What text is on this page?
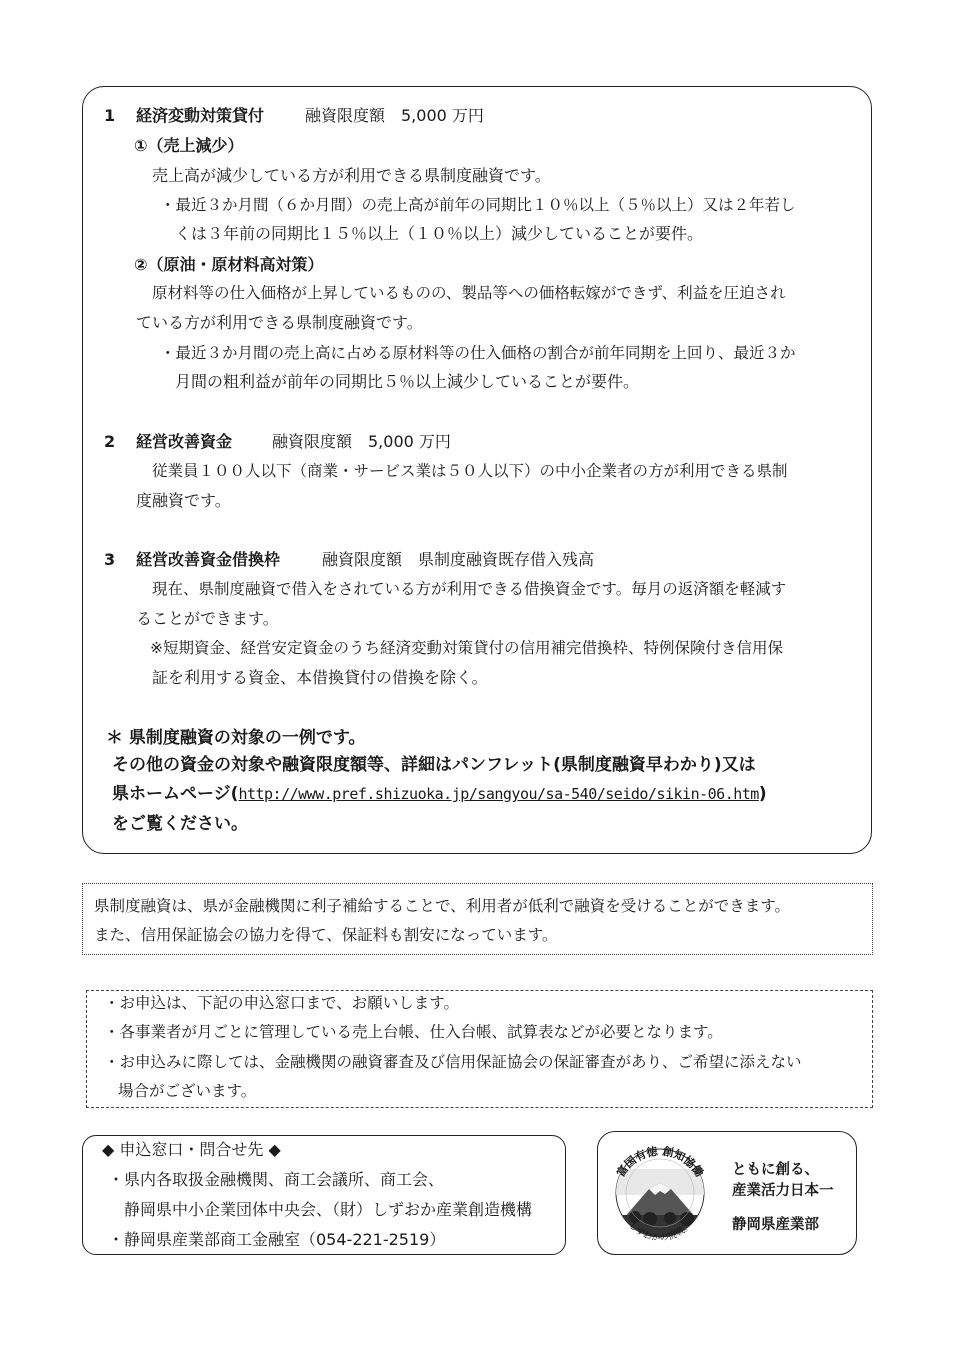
1 経済変動対策貸付	融資限度額　5,000 万円
①（売上減少）
売上高が減少している方が利用できる県制度融資です。
・最近３か月間（６か月間）の売上高が前年の同期比１０％以上（５％以上）又は２年若し
くは３年前の同期比１５％以上（１０％以上）減少していることが要件。
②（原油・原材料高対策）
原材料等の仕入価格が上昇しているものの、製品等への価格転嫁ができず、利益を圧迫され
ている方が利用できる県制度融資です。
・最近３か月間の売上高に占める原材料等の仕入価格の割合が前年同期を上回り、最近３か
月間の粗利益が前年の同期比５％以上減少していることが要件。
2 経営改善資金 融資限度額　5,000 万円
従業員１００人以下（商業・サービス業は５０人以下）の中小企業者の方が利用できる県制
度融資です。
3 経営改善資金借換枠	融資限度額　県制度融資既存借入残高
現在、県制度融資で借入をされている方が利用できる借換資金です。毎月の返済額を軽減す
ることができます。
※短期資金、経営安定資金のうち経済変動対策貸付の信用補完借換枠、特例保険付き信用保
証を利用する資金、本借換貸付の借換を除く。
＊ 県制度融資の対象の一例です。
その他の資金の対象や融資限度額等、詳細はパンフレット(県制度融資早わかり)又は
県ホームページ(http://www.pref.shizuoka.jp/sangyou/sa-540/seido/sikin-06.htm)
をご覧ください。
県制度融資は、県が金融機関に利子補給することで、利用者が低利で融資を受けることができます。
また、信用保証協会の協力を得て、保証料も割安になっています。
・お申込は、下記の申込窓口まで、お願いします。
・各事業者が月ごとに管理している売上台帳、仕入台帳、試算表などが必要となります。
・お申込みに際しては、金融機関の融資審査及び信用保証協会の保証審査があり、ご希望に添えない
場合がございます。
◆ 申込窓口・問合せ先 ◆
・県内各取扱金融機関、商工会議所、商工会、
静岡県中小企業団体中央会、（財）しずおか産業創造機構
・静岡県産業部商工金融室（054-221-2519）
富国有徳 創知協働
しずおかの挑戦。
ともに創る、
産業活力日本一
静岡県産業部
